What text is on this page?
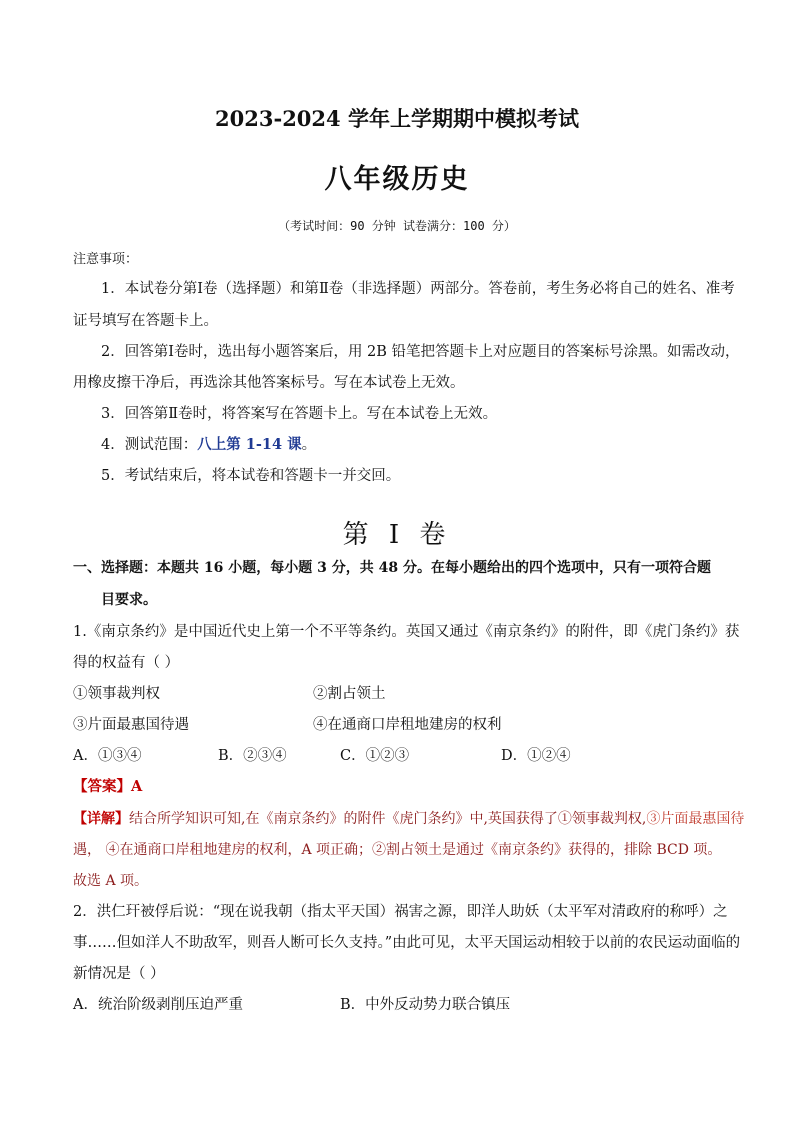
2023-2024 学年上学期期中模拟考试
八年级历史
（考试时间：90 分钟 试卷满分：100 分）
注意事项：
1．本试卷分第Ⅰ卷（选择题）和第Ⅱ卷（非选择题）两部分。答卷前，考生务必将自己的姓名、准考
证号填写在答题卡上。
2．回答第Ⅰ卷时，选出每小题答案后，用 2B 铅笔把答题卡上对应题目的答案标号涂黑。如需改动，
用橡皮擦干净后，再选涂其他答案标号。写在本试卷上无效。
3．回答第Ⅱ卷时，将答案写在答题卡上。写在本试卷上无效。
4．测试范围：八上第 1-14 课。
5．考试结束后，将本试卷和答题卡一并交回。
第 I 卷
一、选择题：本题共 16 小题，每小题 3 分，共 48 分。在每小题给出的四个选项中，只有一项符合题
目要求。
1.《南京条约》是中国近代史上第一个不平等条约。英国又通过《南京条约》的附件，即《虎门条约》获
得的权益有（ ）
①领事裁判权	②割占领土
③片面最惠国待遇	④在通商口岸租地建房的权利
A．①③④	B．②③④	C．①②③	D．①②④
【答案】A
【详解】结合所学知识可知,在《南京条约》的附件《虎门条约》中,英国获得了①领事裁判权,③片面最惠国待
遇， ④在通商口岸租地建房的权利，A 项正确；②割占领土是通过《南京条约》获得的，排除 BCD 项。
故选 A 项。
2．洪仁玕被俘后说：“现在说我朝（指太平天国）祸害之源，即洋人助妖（太平军对清政府的称呼）之
事……但如洋人不助敌军，则吾人断可长久支持。”由此可见，太平天国运动相较于以前的农民运动面临的
新情况是（ ）
A．统治阶级剥削压迫严重	B．中外反动势力联合镇压
